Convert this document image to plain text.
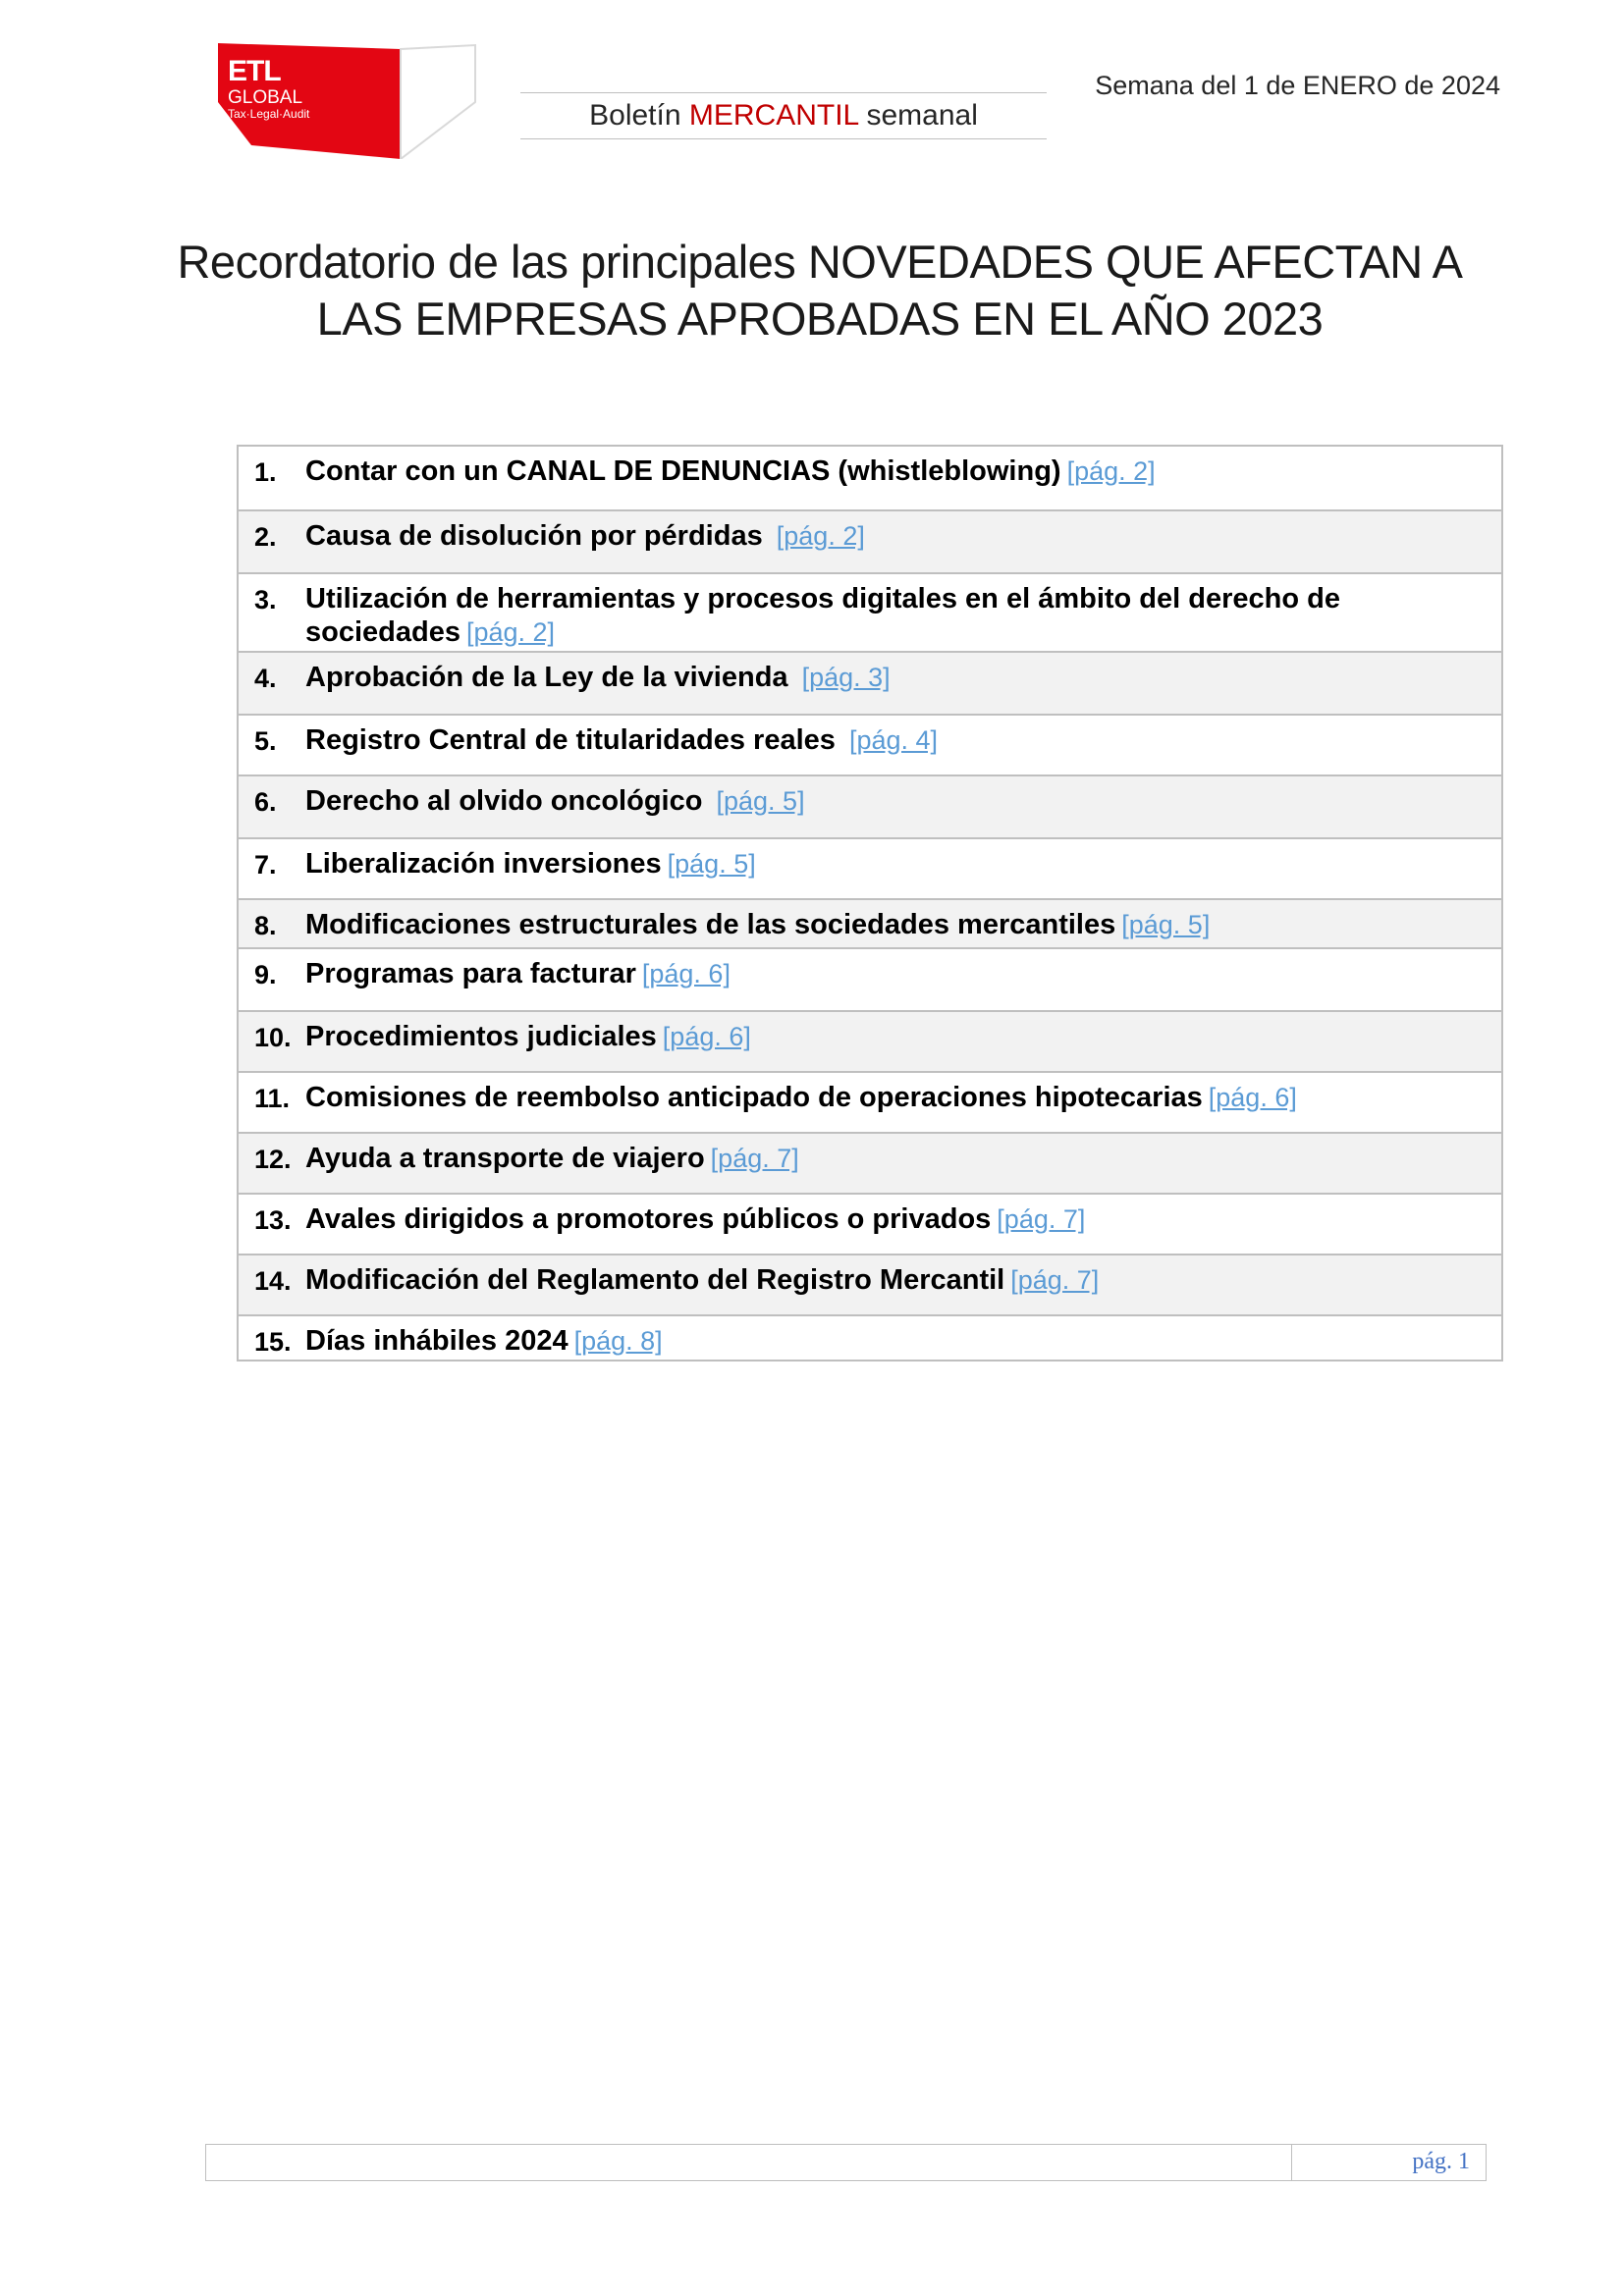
ETL
GLOBAL
Tax·Legal·Audit	Boletín MERCANTIL semanal
Semana del 1 de ENERO de 2024
Recordatorio de las principales NOVEDADES QUE AFECTAN A
LAS EMPRESAS APROBADAS EN EL AÑO 2023
1.	Contar con un CANAL DE DENUNCIAS (whistleblowing) [pág. 2]
2.	Causa de disolución por pérdidas [pág. 2]
3.	Utilización de herramientas y procesos digitales en el ámbito del derecho de sociedades [pág. 2]
4.	Aprobación de la Ley de la vivienda [pág. 3]
5.	Registro Central de titularidades reales [pág. 4]
6.	Derecho al olvido oncológico [pág. 5]
7.	Liberalización inversiones [pág. 5]
8.	Modificaciones estructurales de las sociedades mercantiles [pág. 5]
9.	Programas para facturar [pág. 6]
10. Procedimientos judiciales [pág. 6]
11. Comisiones de reembolso anticipado de operaciones hipotecarias [pág. 6]
12. Ayuda a transporte de viajero [pág. 7]
13. Avales dirigidos a promotores públicos o privados [pág. 7]
14. Modificación del Reglamento del Registro Mercantil [pág. 7]
15. Días inhábiles 2024 [pág. 8]
pág. 1
